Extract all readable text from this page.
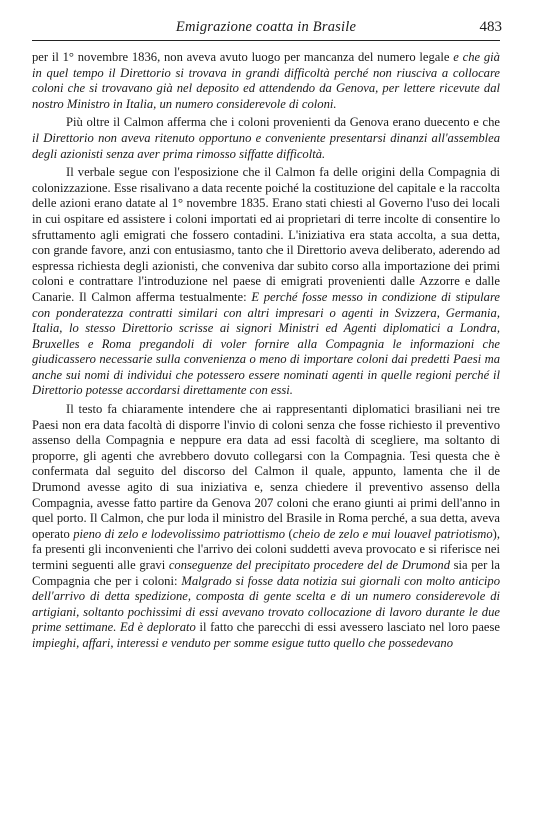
Emigrazione coatta in Brasile	483

per il 1° novembre 1836, non aveva avuto luogo per mancanza del numero legale e che già in quel tempo il Direttorio si trovava in grandi difficoltà perché non riusciva a collocare coloni che si trovavano già nel deposito ed attendendo da Genova, per lettere ricevute dal nostro Ministro in Italia, un numero considerevole di coloni.

Più oltre il Calmon afferma che i coloni provenienti da Genova erano duecento e che il Direttorio non aveva ritenuto opportuno e conveniente presentarsi dinanzi all'assemblea degli azionisti senza aver prima rimosso siffatte difficoltà.

Il verbale segue con l'esposizione che il Calmon fa delle origini della Compagnia di colonizzazione. Esse risalivano a data recente poiché la costituzione del capitale e la raccolta delle azioni erano datate al 1° novembre 1835. Erano stati chiesti al Governo l'uso dei locali in cui ospitare ed assistere i coloni importati ed ai proprietari di terre incolte di consentire lo sfruttamento agli emigrati che fossero contadini. L'iniziativa era stata accolta, a sua detta, con grande favore, anzi con entusiasmo, tanto che il Direttorio aveva deliberato, aderendo ad espressa richiesta degli azionisti, che conveniva dar subito corso alla importazione dei primi coloni e contrattare l'introduzione nel paese di emigrati provenienti dalle Azzorre e dalle Canarie. Il Calmon afferma testualmente: E perché fosse messo in condizione di stipulare con ponderatezza contratti similari con altri impresari o agenti in Svizzera, Germania, Italia, lo stesso Direttorio scrisse ai signori Ministri ed Agenti diplomatici a Londra, Bruxelles e Roma pregandoli di voler fornire alla Compagnia le informazioni che giudicassero necessarie sulla convenienza o meno di importare coloni dai predetti Paesi ma anche sui nomi di individui che potessero essere nominati agenti in quelle regioni perché il Direttorio potesse accordarsi direttamente con essi.

Il testo fa chiaramente intendere che ai rappresentanti diplomatici brasiliani nei tre Paesi non era data facoltà di disporre l'invio di coloni senza che fosse richiesto il preventivo assenso della Compagnia e neppure era data ad essi facoltà di sceglierе, ma soltanto di proporre, gli agenti che avrebbero dovuto collegarsi con la Compagnia. Tesi questa che è confermata dal seguito del discorso del Calmon il quale, appunto, lamenta che il de Drumond avesse agito di sua iniziativa e, senza chiedere il preventivo assenso della Compagnia, avesse fatto partire da Genova 207 coloni che erano giunti ai primi dell'anno in quel porto. Il Calmon, che pur loda il ministro del Brasile in Roma perché, a sua detta, aveva operato pieno di zelo e lodevolissimo patriottismo (cheio de zelo e mui louavel patriotismo), fa presenti gli inconvenienti che l'arrivo dei coloni suddetti aveva provocato e si riferisce nei termini seguenti alle gravi conseguenze del precipitato procedere del de Drumond sia per la Compagnia che per i coloni: Malgrado si fosse data notizia sui giornali con molto anticipo dell'arrivo di detta spedizione, composta di gente scelta e di un numero considerevole di artigiani, soltanto pochissimi di essi avevano trovato collocazione di lavoro durante le due prime settimane. Ed è deplorato il fatto che parecchi di essi avessero lasciato nel loro paese impieghi, affari, interessi e venduto per somme esigue tutto quello che possedevano
